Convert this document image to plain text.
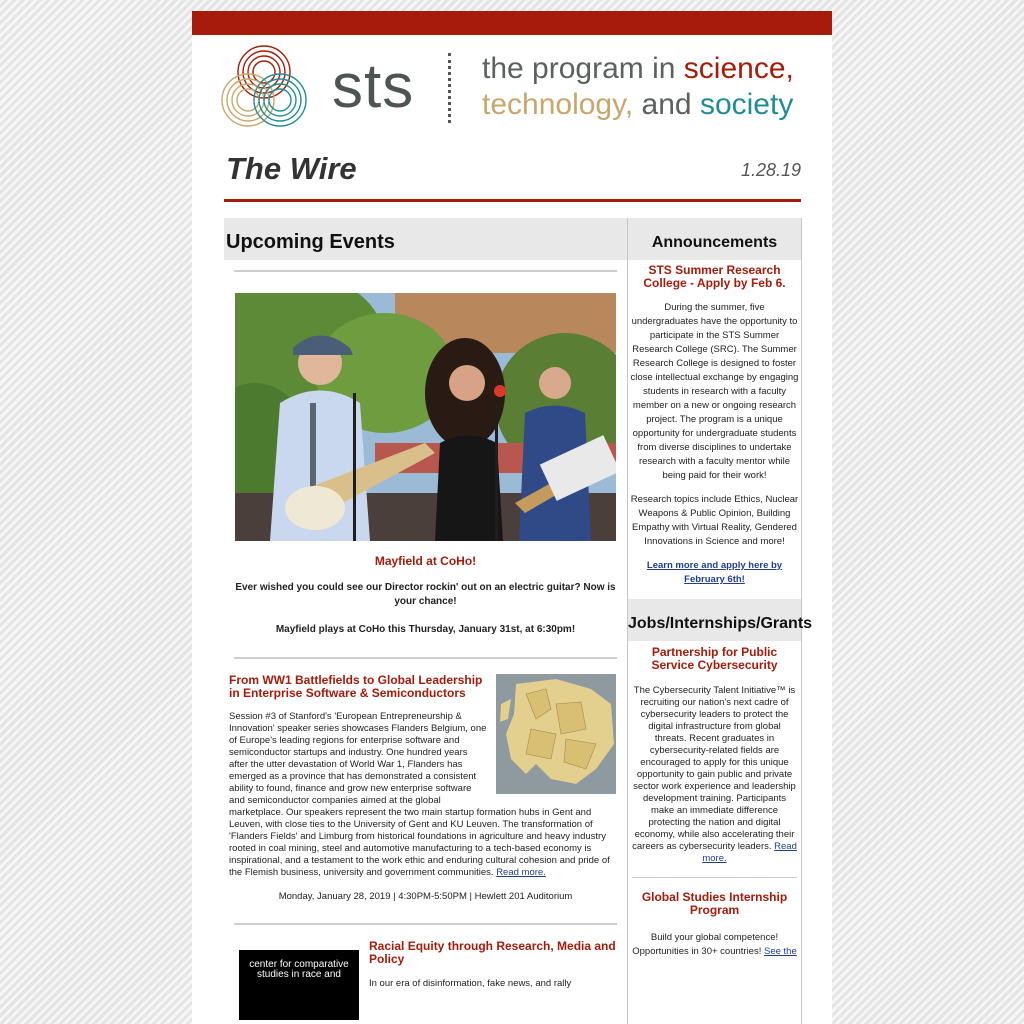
sts the program in science,
technology, and society
The Wire	1.28.19
Upcoming Events
Mayfield at CoHo!
Ever wished you could see our Director rockin' out on an electric guitar? Now is your chance!
Mayfield plays at CoHo this Thursday, January 31st, at 6:30pm!
From WW1 Battlefields to Global Leadership in Enterprise Software & Semiconductors
Session #3 of Stanford's 'European Entrepreneurship & Innovation' speaker series showcases Flanders Belgium, one of Europe's leading regions for enterprise software and semiconductor startups and industry. One hundred years after the utter devastation of World War 1, Flanders has emerged as a province that has demonstrated a consistent ability to found, finance and grow new enterprise software and semiconductor companies aimed at the global marketplace. Our speakers represent the two main startup formation hubs in Gent and Leuven, with close ties to the University of Gent and KU Leuven. The transformation of 'Flanders Fields' and Limburg from historical foundations in agriculture and heavy industry rooted in coal mining, steel and automotive manufacturing to a tech-based economy is inspirational, and a testament to the work ethic and enduring cultural cohesion and pride of the Flemish business, university and government communities. Read more.
Monday, January 28, 2019 | 4:30PM-5:50PM | Hewlett 201 Auditorium
center for comparative studies in race and
Racial Equity through Research, Media and Policy
In our era of disinformation, fake news, and rally
Announcements
STS Summer Research College - Apply by Feb 6.
During the summer, five undergraduates have the opportunity to participate in the STS Summer Research College (SRC). The Summer Research College is designed to foster close intellectual exchange by engaging students in research with a faculty member on a new or ongoing research project. The program is a unique opportunity for undergraduate students from diverse disciplines to undertake research with a faculty mentor while being paid for their work!
Research topics include Ethics, Nuclear Weapons & Public Opinion, Building Empathy with Virtual Reality, Gendered Innovations in Science and more!
Learn more and apply here by February 6th!
Jobs/Internships/Grants
Partnership for Public Service Cybersecurity
The Cybersecurity Talent Initiative™ is recruiting our nation's next cadre of cybersecurity leaders to protect the digital infrastructure from global threats. Recent graduates in cybersecurity-related fields are encouraged to apply for this unique opportunity to gain public and private sector work experience and leadership development training. Participants make an immediate difference protecting the nation and digital economy, while also accelerating their careers as cybersecurity leaders. Read more.
Global Studies Internship Program
Build your global competence! Opportunities in 30+ countries! See the
